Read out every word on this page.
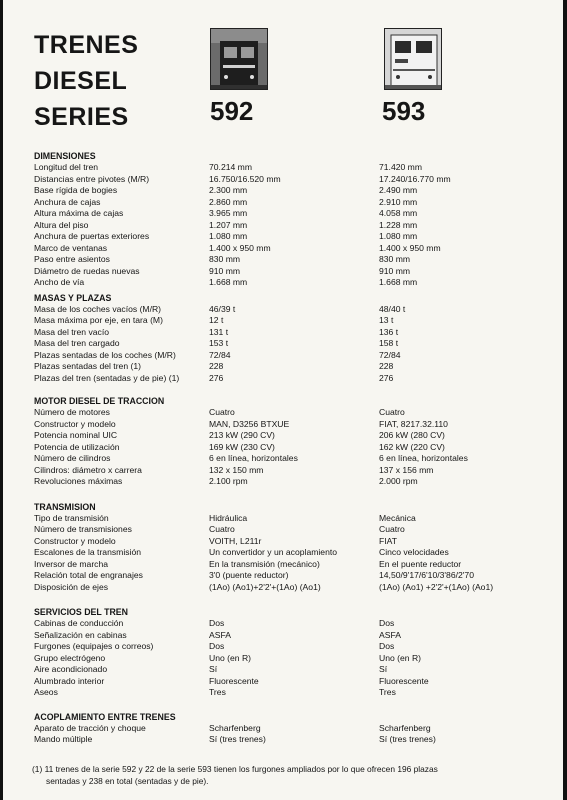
TRENES
DIESEL
SERIES	592	593
DIMENSIONES
Longitud del tren	70.214 mm	71.420 mm
Distancias entre pivotes (M/R)	16.750/16.520 mm	17.240/16.770 mm
Base rígida de bogies	2.300 mm	2.490 mm
Anchura de cajas	2.860 mm	2.910 mm
Altura máxima de cajas	3.965 mm	4.058 mm
Altura del piso	1.207 mm	1.228 mm
Anchura de puertas exteriores	1.080 mm	1.080 mm
Marco de ventanas	1.400 x 950 mm	1.400 x 950 mm
Paso entre asientos	830 mm	830 mm
Diámetro de ruedas nuevas	910 mm	910 mm
Ancho de vía	1.668 mm	1.668 mm
MASAS Y PLAZAS
Masa de los coches vacíos (M/R)	46/39 t	48/40 t
Masa máxima por eje, en tara (M)	12 t	13 t
Masa del tren vacío	131 t	136 t
Masa del tren cargado	153 t	158 t
Plazas sentadas de los coches (M/R)	72/84	72/84
Plazas sentadas del tren (1)	228	228
Plazas del tren (sentadas y de pie) (1)	276	276
MOTOR DIESEL DE TRACCION
Número de motores	Cuatro	Cuatro
Constructor y modelo	MAN, D3256 BTXUE	FIAT, 8217.32.110
Potencia nominal UIC	213 kW (290 CV)	206 kW (280 CV)
Potencia de utilización	169 kW (230 CV)	162 kW (220 CV)
Número de cilindros	6 en línea, horizontales	6 en línea, horizontales
Cilindros: diámetro x carrera	132 x 150 mm	137 x 156 mm
Revoluciones máximas	2.100 rpm	2.000 rpm
TRANSMISION
Tipo de transmisión	Hidráulica	Mecánica
Número de transmisiones	Cuatro	Cuatro
Constructor y modelo	VOITH, L211r	FIAT
Escalones de la transmisión	Un convertidor y un acoplamiento	Cinco velocidades
Inversor de marcha	En la transmisión (mecánico)	En el puente reductor
Relación total de engranajes	3'0 (puente reductor)	14,50/9'17/6'10/3'86/2'70
Disposición de ejes	(1Ao) (Ao1)+2'2'+(1Ao) (Ao1)	(1Ao) (Ao1) +2'2'+(1Ao) (Ao1)
SERVICIOS DEL TREN
Cabinas de conducción	Dos	Dos
Señalización en cabinas	ASFA	ASFA
Furgones (equipajes o correos)	Dos	Dos
Grupo electrógeno	Uno (en R)	Uno (en R)
Aire acondicionado	Sí	Sí
Alumbrado interior	Fluorescente	Fluorescente
Aseos	Tres	Tres
ACOPLAMIENTO ENTRE TRENES
Aparato de tracción y choque	Scharfenberg	Scharfenberg
Mando múltiple	Sí (tres trenes)	Sí (tres trenes)
(1) 11 trenes de la serie 592 y 22 de la serie 593 tienen los furgones ampliados por lo que ofrecen 196 plazas
sentadas y 238 en total (sentadas y de pie).
